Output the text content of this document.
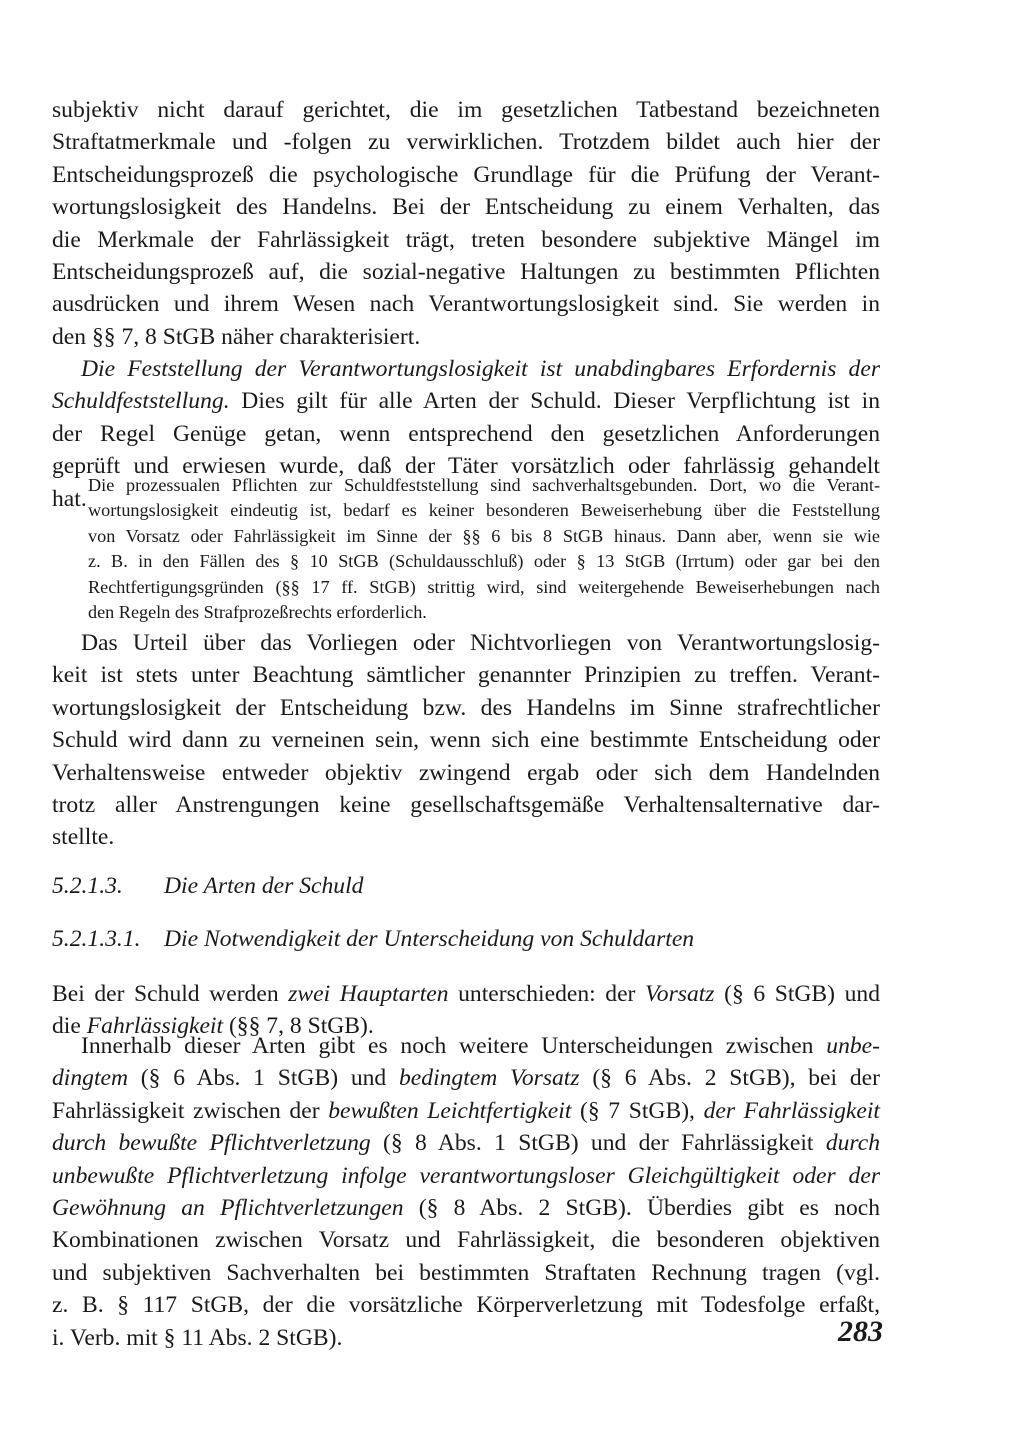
subjektiv nicht darauf gerichtet, die im gesetzlichen Tatbestand bezeichneten
Straftatmerkmale und -folgen zu verwirklichen. Trotzdem bildet auch hier der
Entscheidungsprozeß die psychologische Grundlage für die Prüfung der Verant-
wortungslosigkeit des Handelns. Bei der Entscheidung zu einem Verhalten, das
die Merkmale der Fahrlässigkeit trägt, treten besondere subjektive Mängel im
Entscheidungsprozeß auf, die sozial-negative Haltungen zu bestimmten Pflichten
ausdrücken und ihrem Wesen nach Verantwortungslosigkeit sind. Sie werden in
den §§ 7, 8 StGB näher charakterisiert.
Die Feststellung der Verantwortungslosigkeit ist unabdingbares Erfordernis der
Schuldfeststellung. Dies gilt für alle Arten der Schuld. Dieser Verpflichtung ist in
der Regel Genüge getan, wenn entsprechend den gesetzlichen Anforderungen
geprüft und erwiesen wurde, daß der Täter vorsätzlich oder fahrlässig gehandelt
hat.
Die prozessualen Pflichten zur Schuldfeststellung sind sachverhaltsgebunden. Dort, wo die Verant-
wortungslosigkeit eindeutig ist, bedarf es keiner besonderen Beweiserhebung über die Feststellung
von Vorsatz oder Fahrlässigkeit im Sinne der §§ 6 bis 8 StGB hinaus. Dann aber, wenn sie wie
z. B. in den Fällen des § 10 StGB (Schuldausschluß) oder § 13 StGB (Irrtum) oder gar bei den
Rechtfertigungsgründen (§§ 17 ff. StGB) strittig wird, sind weitergehende Beweiserhebungen nach
den Regeln des Strafprozeßrechts erforderlich.
Das Urteil über das Vorliegen oder Nichtvorliegen von Verantwortungslosig-
keit ist stets unter Beachtung sämtlicher genannter Prinzipien zu treffen. Verant-
wortungslosigkeit der Entscheidung bzw. des Handelns im Sinne strafrechtlicher
Schuld wird dann zu verneinen sein, wenn sich eine bestimmte Entscheidung oder
Verhaltensweise entweder objektiv zwingend ergab oder sich dem Handelnden
trotz aller Anstrengungen keine gesellschaftsgemäße Verhaltensalternative dar-
stellte.
5.2.1.3. Die Arten der Schuld
5.2.1.3.1. Die Notwendigkeit der Unterscheidung von Schuldarten
Bei der Schuld werden zwei Hauptarten unterschieden: der Vorsatz (§ 6 StGB) und
die Fahrlässigkeit (§§ 7, 8 StGB).
Innerhalb dieser Arten gibt es noch weitere Unterscheidungen zwischen unbe-
dingtem (§ 6 Abs. 1 StGB) und bedingtem Vorsatz (§ 6 Abs. 2 StGB), bei der
Fahrlässigkeit zwischen der bewußten Leichtfertigkeit (§ 7 StGB), der Fahrlässigkeit
durch bewußte Pflichtverletzung (§ 8 Abs. 1 StGB) und der Fahrlässigkeit durch
unbewußte Pflichtverletzung infolge verantwortungsloser Gleichgültigkeit oder der
Gewöhnung an Pflichtverletzungen (§ 8 Abs. 2 StGB). Überdies gibt es noch
Kombinationen zwischen Vorsatz und Fahrlässigkeit, die besonderen objektiven
und subjektiven Sachverhalten bei bestimmten Straftaten Rechnung tragen (vgl.
z. B. § 117 StGB, der die vorsätzliche Körperverletzung mit Todesfolge erfaßt,
i. Verb. mit § 11 Abs. 2 StGB).	283
